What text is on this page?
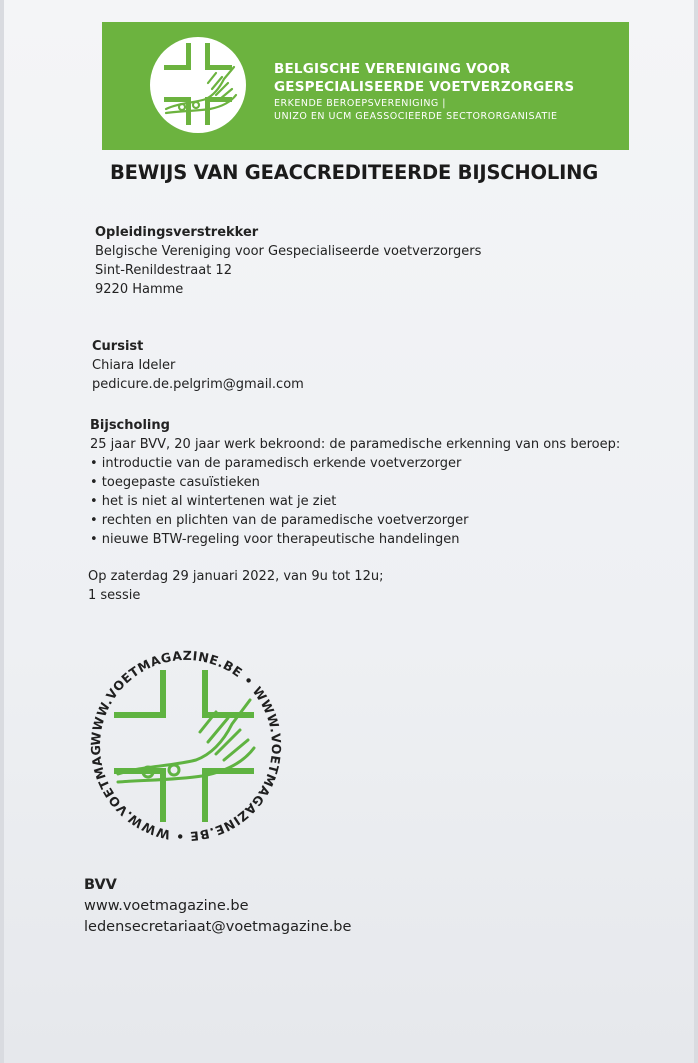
BELGISCHE VERENIGING VOOR
GESPECIALISEERDE VOETVERZORGERS
ERKENDE BEROEPSVERENIGING |
UNIZO EN UCM GEASSOCIEERDE SECTORORGANISATIE
BEWIJS VAN GEACCREDITEERDE BIJSCHOLING
Opleidingsverstrekker
Belgische Vereniging voor Gespecialiseerde voetverzorgers
Sint-Renildestraat 12
9220 Hamme
Cursist
Chiara Ideler
pedicure.de.pelgrim@gmail.com
Bijscholing
25 jaar BVV, 20 jaar werk bekroond: de paramedische erkenning van ons beroep:
• introductie van de paramedisch erkende voetverzorger
• toegepaste casuïstieken
• het is niet al wintertenen wat je ziet
• rechten en plichten van de paramedische voetverzorger
• nieuwe BTW-regeling voor therapeutische handelingen
Op zaterdag 29 januari 2022, van 9u tot 12u;
1 sessie
WWW.VOETMAGAZINE.BE • WWW.VOETMAGAZINE.BE • WWW.VOETMAG
BVV
www.voetmagazine.be
ledensecretariaat@voetmagazine.be
